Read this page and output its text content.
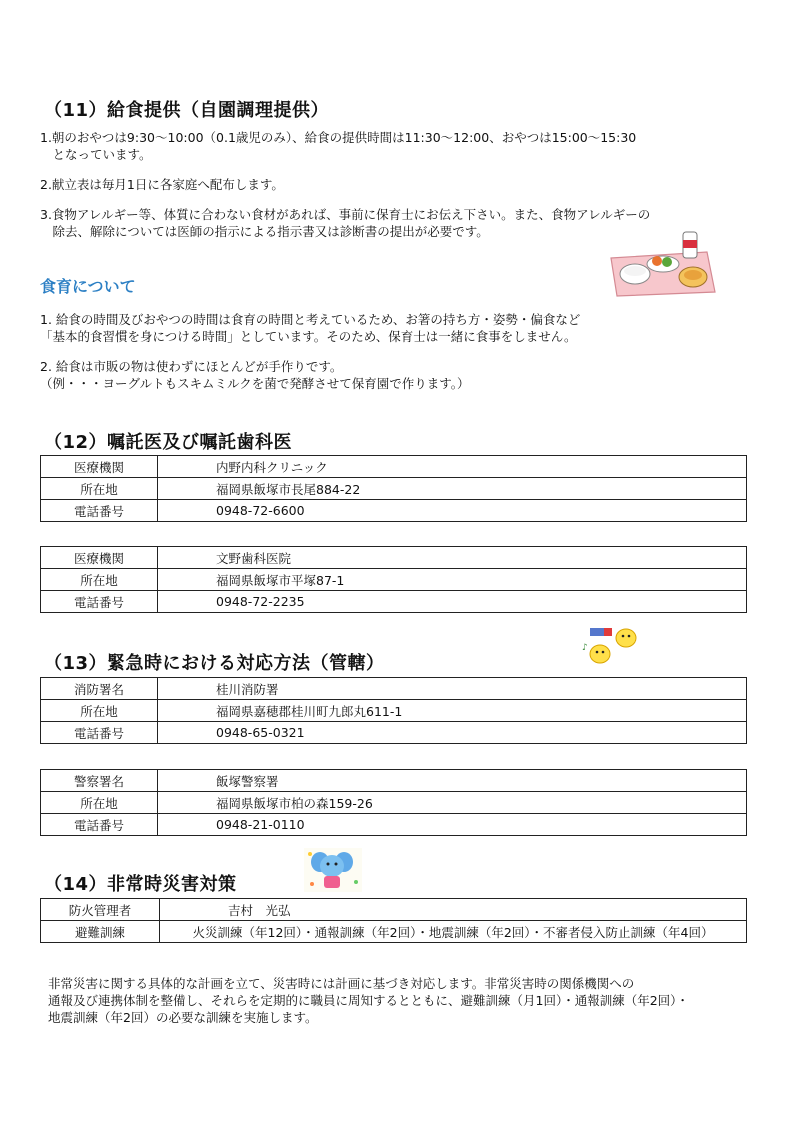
（11）給食提供（自園調理提供）
1.朝のおやつは9:30～10:00（0.1歳児のみ）、給食の提供時間は11:30～12:00、おやつは15:00～15:30
　となっています。
2.献立表は毎月1日に各家庭へ配布します。
3.食物アレルギー等、体質に合わない食材があれば、事前に保育士にお伝え下さい。また、食物アレルギーの
　除去、解除については医師の指示による指示書又は診断書の提出が必要です。
食育について
1. 給食の時間及びおやつの時間は食育の時間と考えているため、お箸の持ち方・姿勢・偏食など
「基本的食習慣を身につける時間」としています。そのため、保育士は一緒に食事をしません。
2. 給食は市販の物は使わずにほとんどが手作りです。
（例・・・ヨーグルトもスキムミルクを菌で発酵させて保育園で作ります。）
（12）嘱託医及び嘱託歯科医
医療機関	内野内科クリニック
所在地	福岡県飯塚市長尾884-22
電話番号	0948-72-6600
医療機関	文野歯科医院
所在地	福岡県飯塚市平塚87-1
電話番号	0948-72-2235
♪
（13）緊急時における対応方法（管轄）
消防署名	桂川消防署
所在地	福岡県嘉穂郡桂川町九郎丸611-1
電話番号	0948-65-0321
警察署名	飯塚警察署
所在地	福岡県飯塚市柏の森159-26
電話番号	0948-21-0110
（14）非常時災害対策
防火管理者	吉村　光弘
避難訓練	火災訓練（年12回）・通報訓練（年2回）・地震訓練（年2回）・不審者侵入防止訓練（年4回）
非常災害に関する具体的な計画を立て、災害時には計画に基づき対応します。非常災害時の関係機関への
通報及び連携体制を整備し、それらを定期的に職員に周知するとともに、避難訓練（月1回）・通報訓練（年2回）・
地震訓練（年2回）の必要な訓練を実施します。
